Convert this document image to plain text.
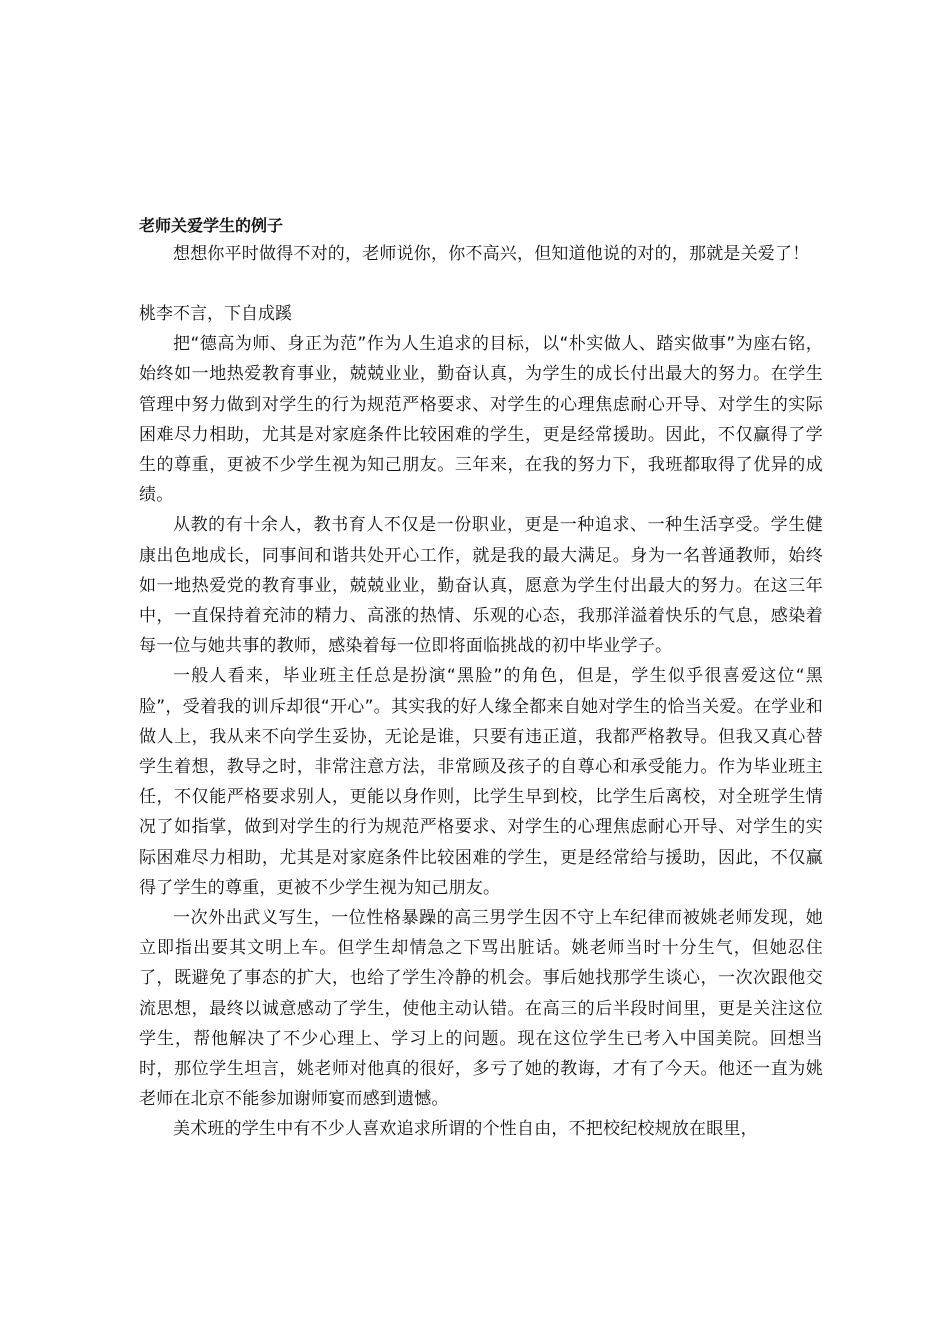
老师关爱学生的例子

想想你平时做得不对的，老师说你，你不高兴，但知道他说的对的，那就是关爱了！

桃李不言，下自成蹊

把“德高为师、身正为范”作为人生追求的目标，以“朴实做人、踏实做事”为座右铭，始终如一地热爱教育事业，兢兢业业，勤奋认真，为学生的成长付出最大的努力。在学生管理中努力做到对学生的行为规范严格要求、对学生的心理焦虑耐心开导、对学生的实际困难尽力相助，尤其是对家庭条件比较困难的学生，更是经常援助。因此，不仅赢得了学生的尊重，更被不少学生视为知己朋友。三年来，在我的努力下，我班都取得了优异的成绩。

从教的有十余人，教书育人不仅是一份职业，更是一种追求、一种生活享受。学生健康出色地成长，同事间和谐共处开心工作，就是我的最大满足。身为一名普通教师，始终如一地热爱党的教育事业，兢兢业业，勤奋认真，愿意为学生付出最大的努力。在这三年中，一直保持着充沛的精力、高涨的热情、乐观的心态，我那洋溢着快乐的气息，感染着每一位与她共事的教师，感染着每一位即将面临挑战的初中毕业学子。

一般人看来，毕业班主任总是扮演“黑脸”的角色，但是，学生似乎很喜爱这位“黑脸”，受着我的训斥却很“开心”。其实我的好人缘全都来自她对学生的恰当关爱。在学业和做人上，我从来不向学生妥协，无论是谁，只要有违正道，我都严格教导。但我又真心替学生着想，教导之时，非常注意方法，非常顾及孩子的自尊心和承受能力。作为毕业班主任，不仅能严格要求别人，更能以身作则，比学生早到校，比学生后离校，对全班学生情况了如指掌，做到对学生的行为规范严格要求、对学生的心理焦虑耐心开导、对学生的实际困难尽力相助，尤其是对家庭条件比较困难的学生，更是经常给与援助，因此，不仅赢得了学生的尊重，更被不少学生视为知己朋友。

一次外出武义写生，一位性格暴躁的高三男学生因不守上车纪律而被姚老师发现，她立即指出要其文明上车。但学生却情急之下骂出脏话。姚老师当时十分生气，但她忍住了，既避免了事态的扩大，也给了学生冷静的机会。事后她找那学生谈心，一次次跟他交流思想，最终以诚意感动了学生，使他主动认错。在高三的后半段时间里，更是关注这位学生，帮他解决了不少心理上、学习上的问题。现在这位学生已考入中国美院。回想当时，那位学生坦言，姚老师对他真的很好，多亏了她的教诲，才有了今天。他还一直为姚老师在北京不能参加谢师宴而感到遗憾。

美术班的学生中有不少人喜欢追求所谓的个性自由，不把校纪校规放在眼里，
